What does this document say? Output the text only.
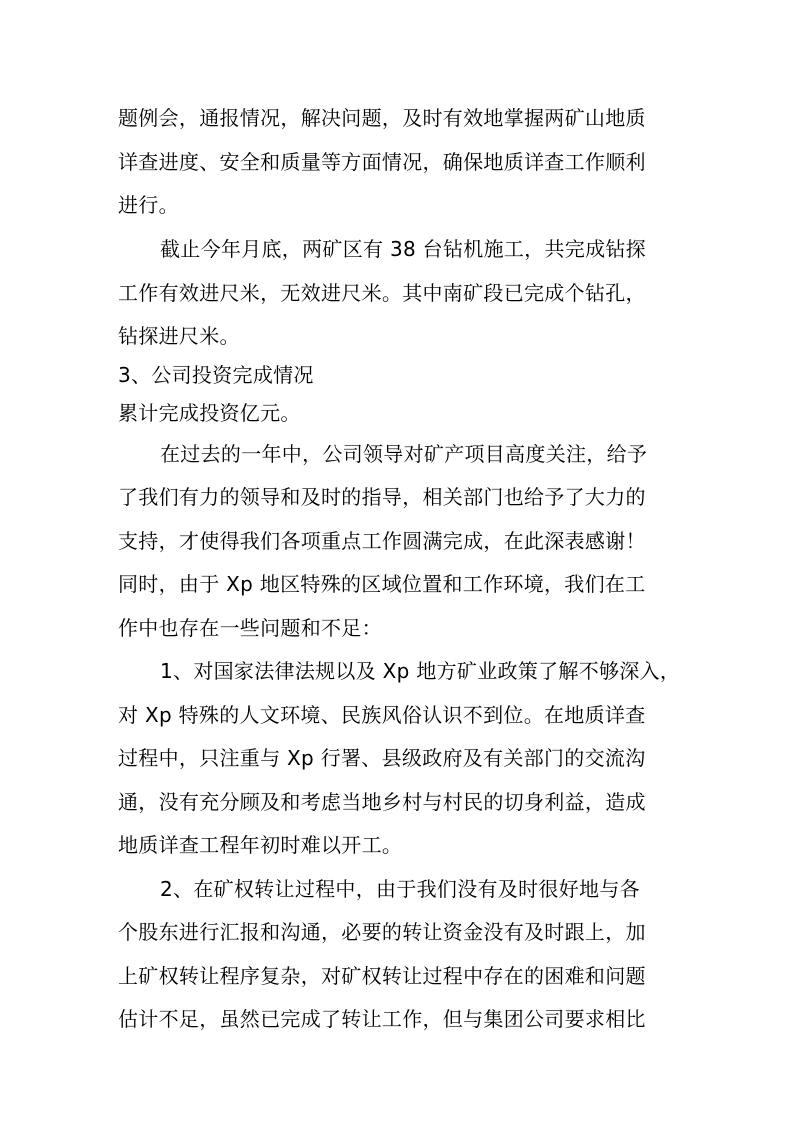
题例会，通报情况，解决问题，及时有效地掌握两矿山地质
详查进度、安全和质量等方面情况，确保地质详查工作顺利
进行。
截止今年月底，两矿区有 38 台钻机施工，共完成钻探
工作有效进尺米，无效进尺米。其中南矿段已完成个钻孔，
钻探进尺米。
3、公司投资完成情况
累计完成投资亿元。
在过去的一年中，公司领导对矿产项目高度关注，给予
了我们有力的领导和及时的指导，相关部门也给予了大力的
支持，才使得我们各项重点工作圆满完成，在此深表感谢！
同时，由于 Xp 地区特殊的区域位置和工作环境，我们在工
作中也存在一些问题和不足：
1、对国家法律法规以及 Xp 地方矿业政策了解不够深入，
对 Xp 特殊的人文环境、民族风俗认识不到位。在地质详查
过程中，只注重与 Xp 行署、县级政府及有关部门的交流沟
通，没有充分顾及和考虑当地乡村与村民的切身利益，造成
地质详查工程年初时难以开工。
2、在矿权转让过程中，由于我们没有及时很好地与各
个股东进行汇报和沟通，必要的转让资金没有及时跟上，加
上矿权转让程序复杂，对矿权转让过程中存在的困难和问题
估计不足，虽然已完成了转让工作，但与集团公司要求相比
